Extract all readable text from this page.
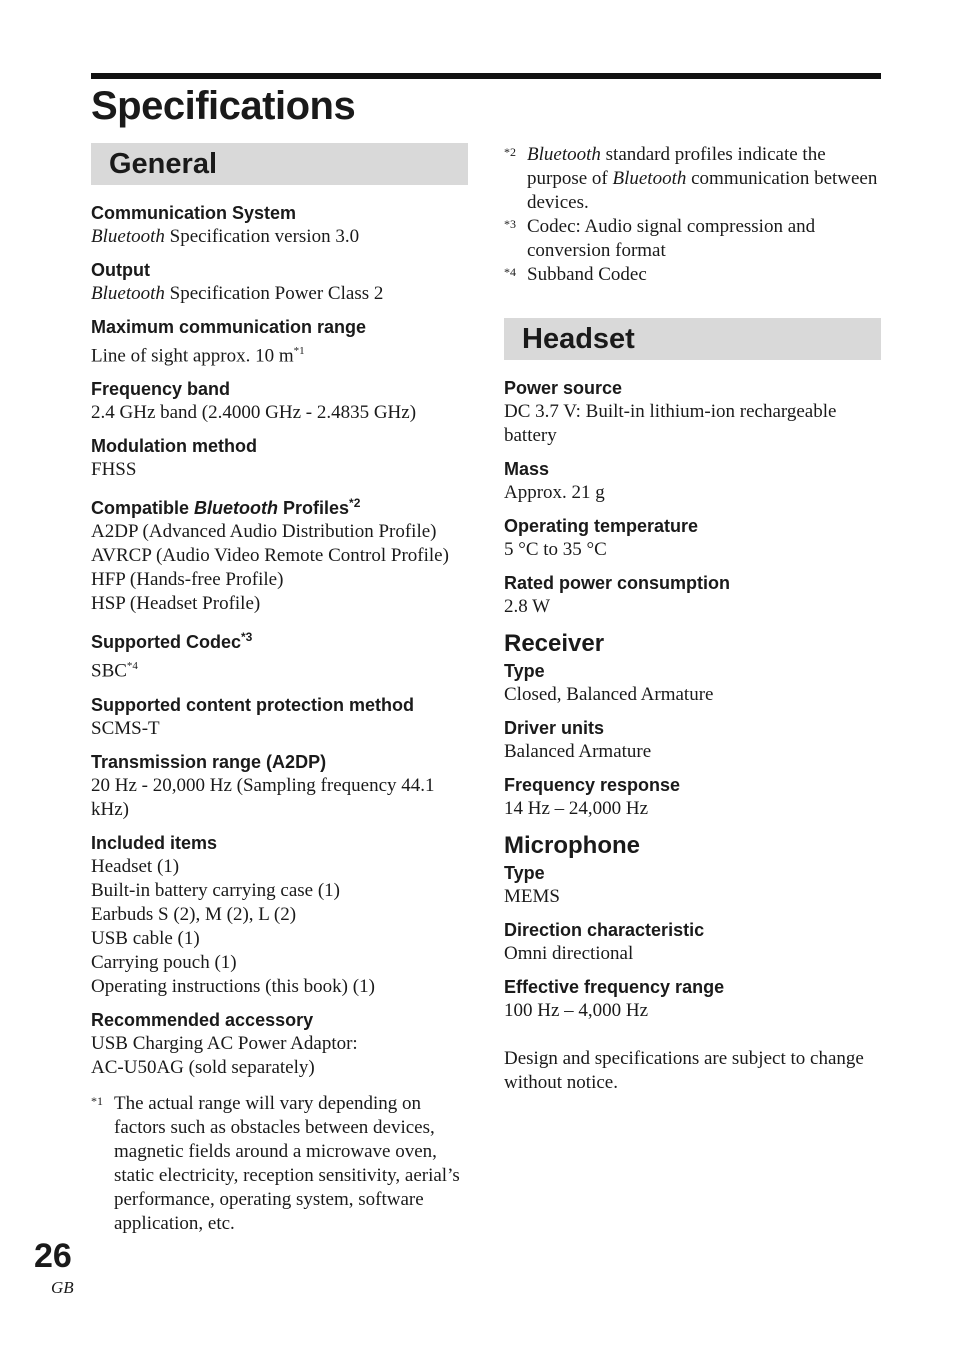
Specifications
General
Communication System
Bluetooth Specification version 3.0
Output
Bluetooth Specification Power Class 2
Maximum communication range
Line of sight approx. 10 $m^{*1}$
Frequency band
2.4 GHz band (2.4000 GHz - 2.4835 GHz)
Modulation method
FHSS
Compatible Bluetooth Profiles$^{*2}$
A2DP (Advanced Audio Distribution Profile)
AVRCP (Audio Video Remote Control Profile)
HFP (Hands-free Profile)
HSP (Headset Profile)
Supported Codec$^{*3}$
SBC$^{*4}$
Supported content protection method
SCMS-T
Transmission range (A2DP)
20 Hz - 20,000 Hz (Sampling frequency 44.1 kHz)
Included items
Headset (1)
Built-in battery carrying case (1)
Earbuds S (2), M (2), L (2)
USB cable (1)
Carrying pouch (1)
Operating instructions (this book) (1)
Recommended accessory
USB Charging AC Power Adaptor:
AC-U50AG (sold separately)
*1 The actual range will vary depending on factors such as obstacles between devices, magnetic fields around a microwave oven, static electricity, reception sensitivity, aerial’s performance, operating system, software application, etc.
*2 Bluetooth standard profiles indicate the purpose of Bluetooth communication between devices.
*3 Codec: Audio signal compression and conversion format
*4 Subband Codec
Headset
Power source
DC 3.7 V: Built-in lithium-ion rechargeable battery
Mass
Approx. 21 g
Operating temperature
5 °C to 35 °C
Rated power consumption
2.8 W
Receiver
Type
Closed, Balanced Armature
Driver units
Balanced Armature
Frequency response
14 Hz – 24,000 Hz
Microphone
Type
MEMS
Direction characteristic
Omni directional
Effective frequency range
100 Hz – 4,000 Hz

Design and specifications are subject to change without notice.

26
GB
